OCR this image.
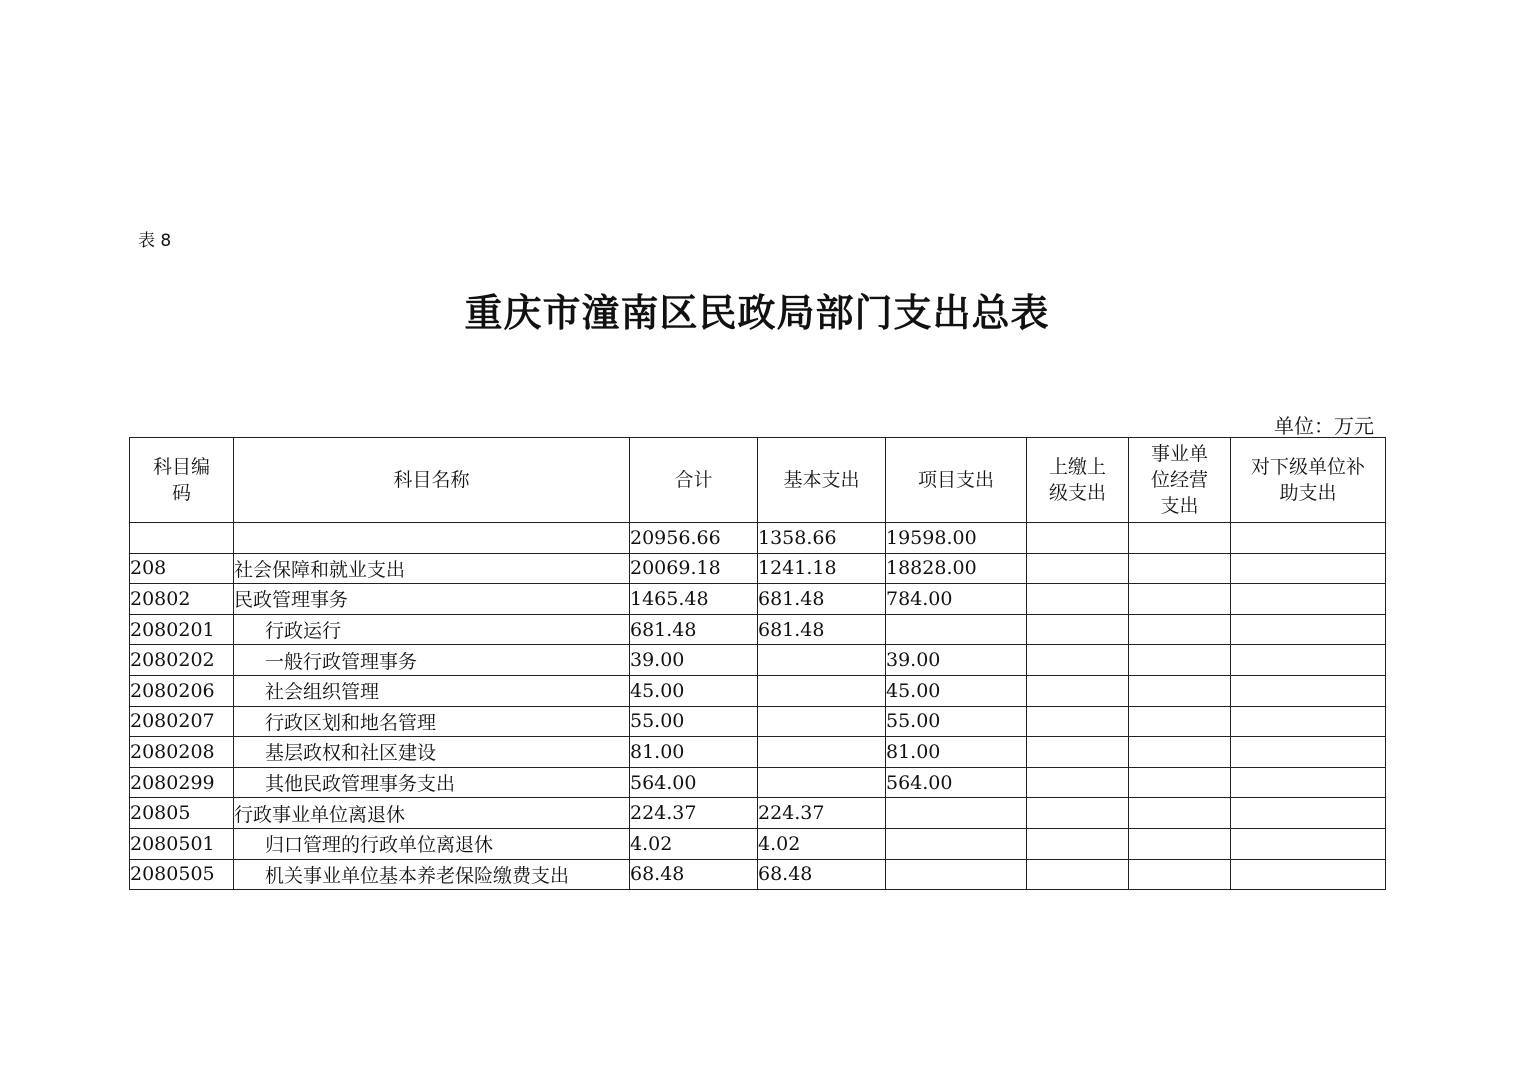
表 8
重庆市潼南区民政局部门支出总表
单位：万元
科目编码	科目名称	合计	基本支出	项目支出	上缴上级支出	事业单位经营支出	对下级单位补助支出

		20956.66	1358.66	19598.00			
208	社会保障和就业支出	20069.18	1241.18	18828.00			
20802	民政管理事务	1465.48	681.48	784.00			
2080201	行政运行	681.48	681.48				
2080202	一般行政管理事务	39.00		39.00			
2080206	社会组织管理	45.00		45.00			
2080207	行政区划和地名管理	55.00		55.00			
2080208	基层政权和社区建设	81.00		81.00			
2080299	其他民政管理事务支出	564.00		564.00			
20805	行政事业单位离退休	224.37	224.37				
2080501	归口管理的行政单位离退休	4.02	4.02				
2080505	机关事业单位基本养老保险缴费支出	68.48	68.48				
